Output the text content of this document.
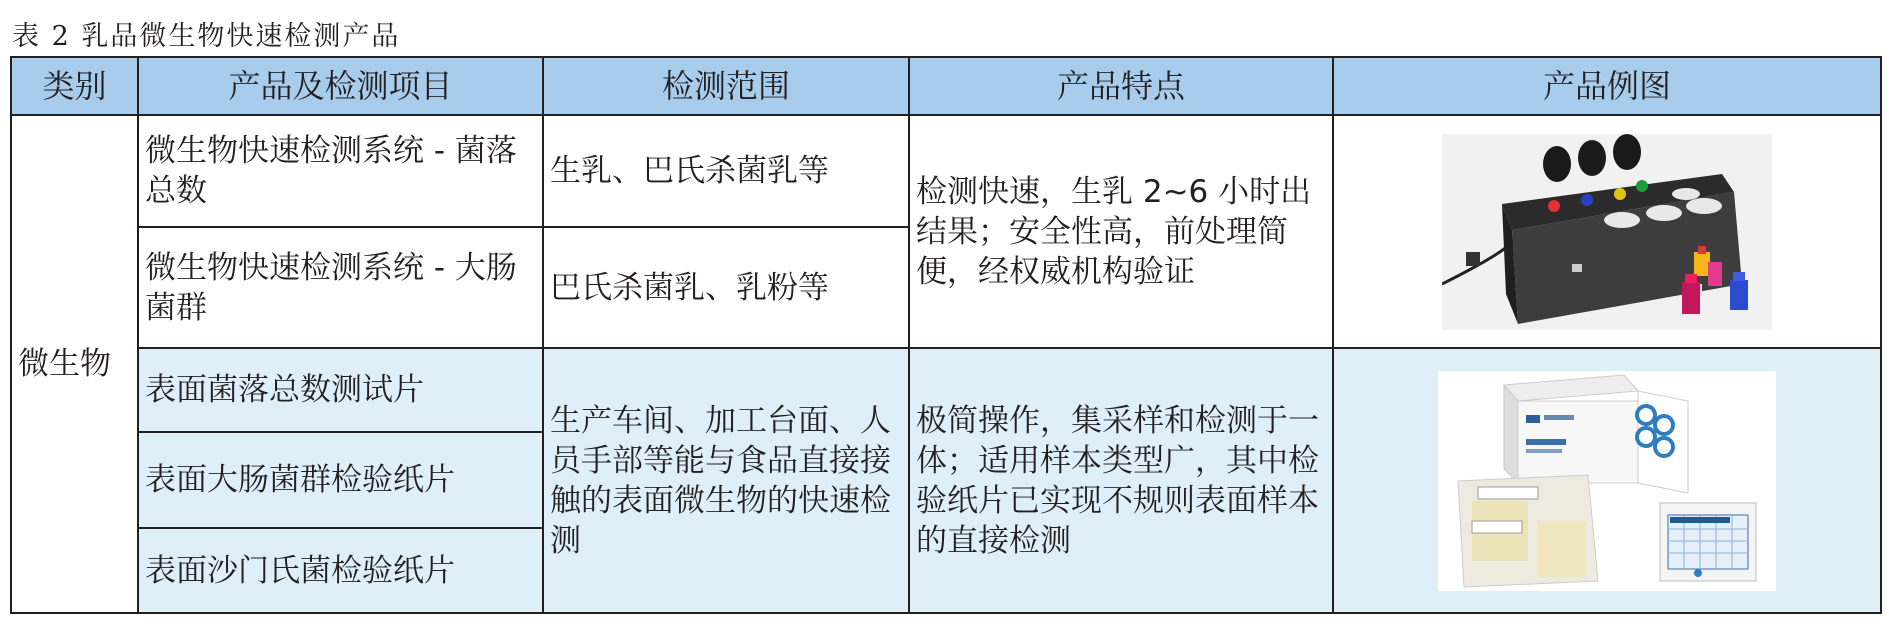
表 2 乳品微生物快速检测产品
类别	产品及检测项目	检测范围	产品特点	产品例图
微生物	微生物快速检测系统 - 菌落总数	生乳、巴氏杀菌乳等	检测快速，生乳 2~6 小时出结果；安全性高，前处理简便，经权威机构验证	

	微生物快速检测系统 - 大肠菌群	巴氏杀菌乳、乳粉等		
	表面菌落总数测试片	生产车间、加工台面、人员手部等能与食品直接接触的表面微生物的快速检测	极简操作，集采样和检测于一体；适用样本类型广，其中检验纸片已实现不规则表面样本的直接检测	

	表面大肠菌群检验纸片			
	表面沙门氏菌检验纸片			
